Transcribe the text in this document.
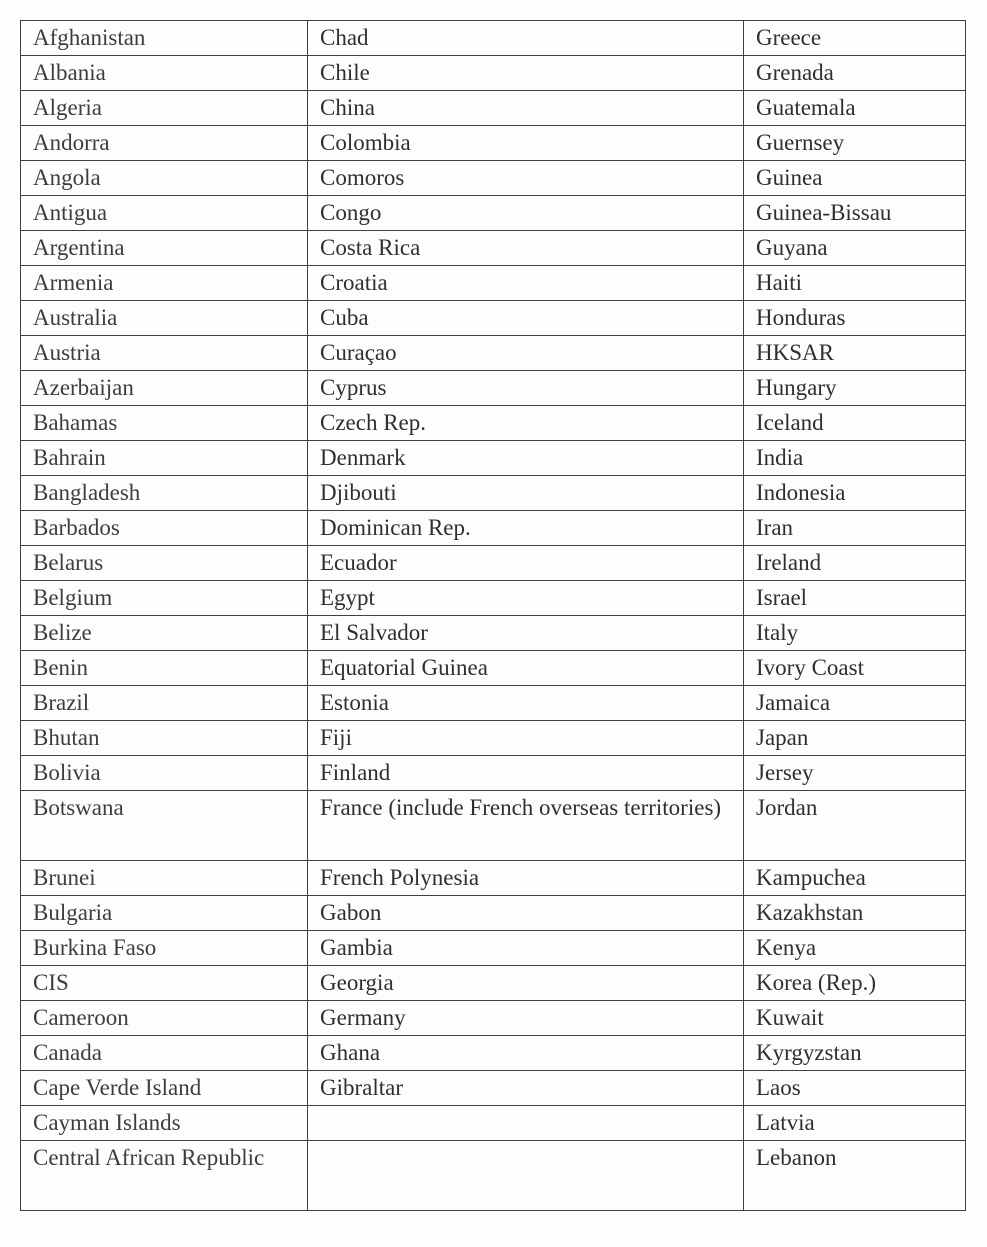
Afghanistan	Chad	Greece
Albania	Chile	Grenada
Algeria	China	Guatemala
Andorra	Colombia	Guernsey
Angola	Comoros	Guinea
Antigua	Congo	Guinea-Bissau
Argentina	Costa Rica	Guyana
Armenia	Croatia	Haiti
Australia	Cuba	Honduras
Austria	Curaçao	HKSAR
Azerbaijan	Cyprus	Hungary
Bahamas	Czech Rep.	Iceland
Bahrain	Denmark	India
Bangladesh	Djibouti	Indonesia
Barbados	Dominican Rep.	Iran
Belarus	Ecuador	Ireland
Belgium	Egypt	Israel
Belize	El Salvador	Italy
Benin	Equatorial Guinea	Ivory Coast
Brazil	Estonia	Jamaica
Bhutan	Fiji	Japan
Bolivia	Finland	Jersey
Botswana	France (include French overseas territories)	Jordan
Brunei	French Polynesia	Kampuchea
Bulgaria	Gabon	Kazakhstan
Burkina Faso	Gambia	Kenya
CIS	Georgia	Korea (Rep.)
Cameroon	Germany	Kuwait
Canada	Ghana	Kyrgyzstan
Cape Verde Island	Gibraltar	Laos
Cayman Islands		Latvia
Central African Republic		Lebanon
